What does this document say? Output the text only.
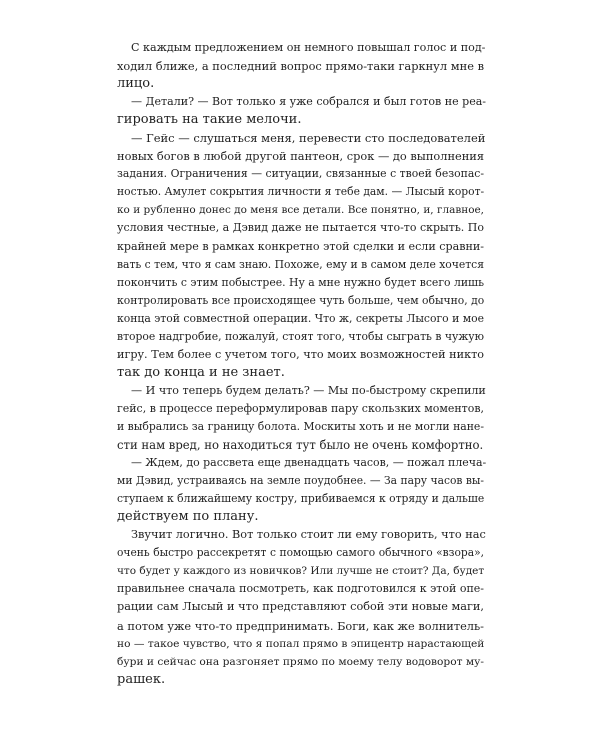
С каждым предложением он немного повышал голос и под-
ходил ближе, а последний вопрос прямо-таки гаркнул мне в
лицо.
— Детали? — Вот только я уже собрался и был готов не реа-
гировать на такие мелочи.
— Гейс — слушаться меня, перевести сто последователей
новых богов в любой другой пантеон, срок — до выполнения
задания. Ограничения — ситуации, связанные с твоей безопас-
ностью. Амулет сокрытия личности я тебе дам. — Лысый корот-
ко и рубленно донес до меня все детали. Все понятно, и, главное,
условия честные, а Дэвид даже не пытается что-то скрыть. По
крайней мере в рамках конкретно этой сделки и если сравни-
вать с тем, что я сам знаю. Похоже, ему и в самом деле хочется
покончить с этим побыстрее. Ну а мне нужно будет всего лишь
контролировать все происходящее чуть больше, чем обычно, до
конца этой совместной операции. Что ж, секреты Лысого и мое
второе надгробие, пожалуй, стоят того, чтобы сыграть в чужую
игру. Тем более с учетом того, что моих возможностей никто
так до конца и не знает.
— И что теперь будем делать? — Мы по-быстрому скрепили
гейс, в процессе переформулировав пару скользких моментов,
и выбрались за границу болота. Москиты хоть и не могли нане-
сти нам вред, но находиться тут было не очень комфортно.
— Ждем, до рассвета еще двенадцать часов, — пожал плеча-
ми Дэвид, устраиваясь на земле поудобнее. — За пару часов вы-
ступаем к ближайшему костру, прибиваемся к отряду и дальше
действуем по плану.
Звучит логично. Вот только стоит ли ему говорить, что нас
очень быстро рассекретят с помощью самого обычного «взора»,
что будет у каждого из новичков? Или лучше не стоит? Да, будет
правильнее сначала посмотреть, как подготовился к этой опе-
рации сам Лысый и что представляют собой эти новые маги,
а потом уже что-то предпринимать. Боги, как же волнитель-
но — такое чувство, что я попал прямо в эпицентр нарастающей
бури и сейчас она разгоняет прямо по моему телу водоворот му-
рашек.
